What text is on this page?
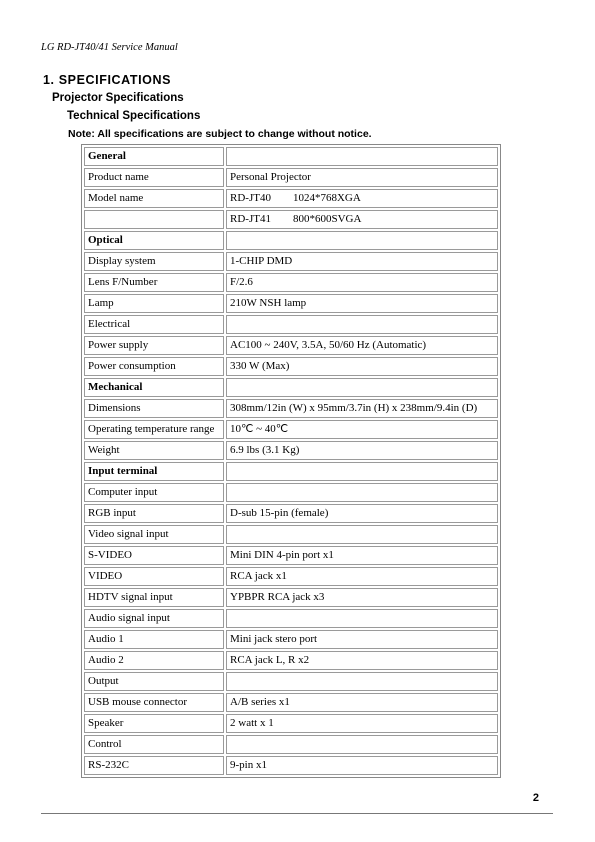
LG RD-JT40/41 Service Manual
1. SPECIFICATIONS
Projector Specifications
Technical Specifications
Note: All specifications are subject to change without notice.
General	
Product name	Personal Projector
Model name	RD-JT40 1024*768XGA
	RD-JT41 800*600SVGA
Optical	
Display system	1-CHIP DMD
Lens F/Number	F/2.6
Lamp	210W NSH lamp
Electrical	
Power supply	AC100 ~ 240V, 3.5A, 50/60 Hz (Automatic)
Power consumption	330 W (Max)
Mechanical	
Dimensions	308mm/12in (W) x 95mm/3.7in (H) x 238mm/9.4in (D)
Operating temperature range	10℃ ~ 40℃
Weight	6.9 lbs (3.1 Kg)
Input terminal	
Computer input	
RGB input	D-sub 15-pin (female)
Video signal input	
S-VIDEO	Mini DIN 4-pin port x1
VIDEO	RCA jack x1
HDTV signal input	YPBPR RCA jack x3
Audio signal input	
Audio 1	Mini jack stero port
Audio 2	RCA jack L, R x2
Output	
USB mouse connector	A/B series x1
Speaker	2 watt x 1
Control	
RS-232C	9-pin x1
2
